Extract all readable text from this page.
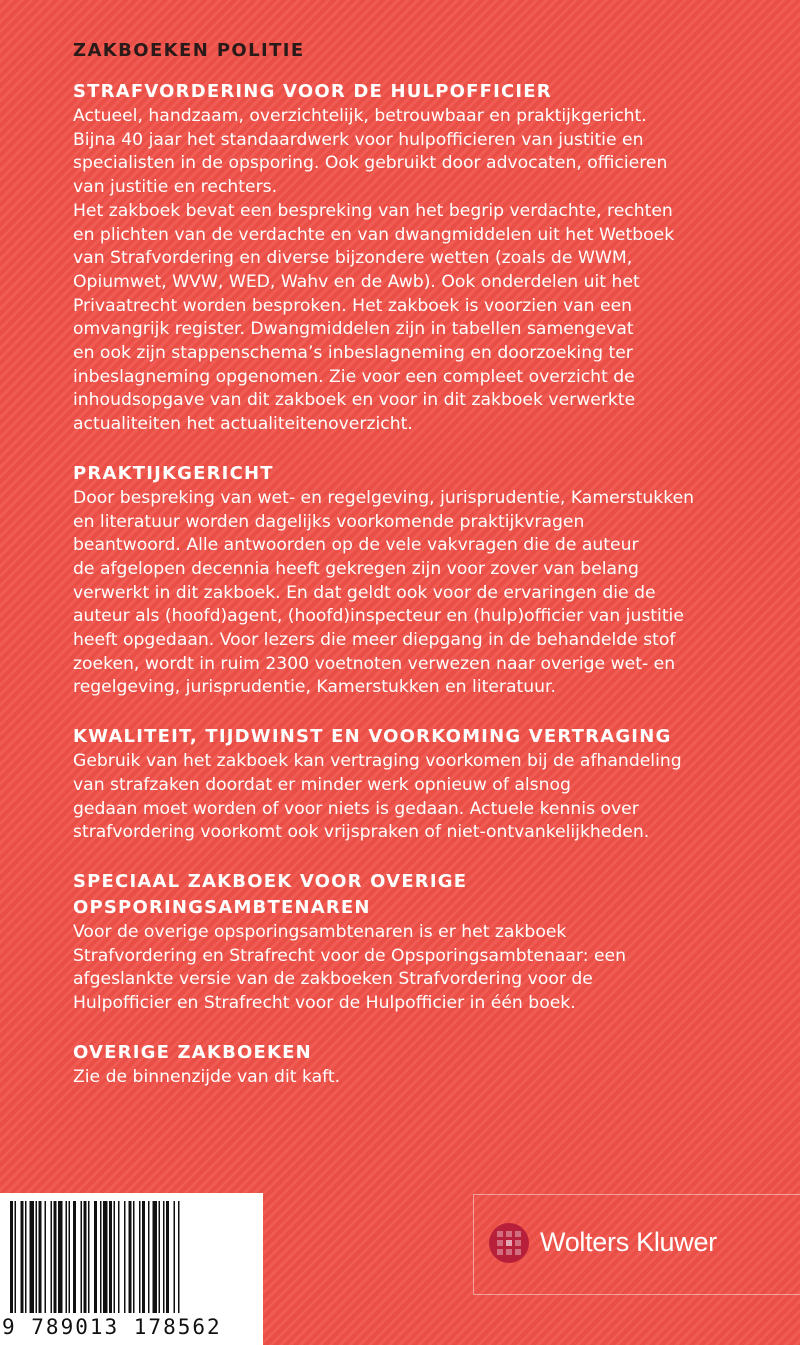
ZAKBOEKEN POLITIE
STRAFVORDERING VOOR DE HULPOFFICIER

Actueel, handzaam, overzichtelijk, betrouwbaar en praktijkgericht.
Bijna 40 jaar het standaardwerk voor hulpofficieren van justitie en
specialisten in de opsporing. Ook gebruikt door advocaten, officieren
van justitie en rechters.
Het zakboek bevat een bespreking van het begrip verdachte, rechten
en plichten van de verdachte en van dwangmiddelen uit het Wetboek
van Strafvordering en diverse bijzondere wetten (zoals de WWM,
Opiumwet, WVW, WED, Wahv en de Awb). Ook onderdelen uit het
Privaatrecht worden besproken. Het zakboek is voorzien van een
omvangrijk register. Dwangmiddelen zijn in tabellen samengevat
en ook zijn stappenschema’s inbeslagneming en doorzoeking ter
inbeslagneming opgenomen. Zie voor een compleet overzicht de
inhoudsopgave van dit zakboek en voor in dit zakboek verwerkte
actualiteiten het actualiteitenoverzicht.

PRAKTIJKGERICHT

Door bespreking van wet- en regelgeving, jurisprudentie, Kamerstukken
en literatuur worden dagelijks voorkomende praktijkvragen
beantwoord. Alle antwoorden op de vele vakvragen die de auteur
de afgelopen decennia heeft gekregen zijn voor zover van belang
verwerkt in dit zakboek. En dat geldt ook voor de ervaringen die de
auteur als (hoofd)agent, (hoofd)inspecteur en (hulp)officier van justitie
heeft opgedaan. Voor lezers die meer diepgang in de behandelde stof
zoeken, wordt in ruim 2300 voetnoten verwezen naar overige wet- en
regelgeving, jurisprudentie, Kamerstukken en literatuur.

KWALITEIT, TIJDWINST EN VOORKOMING VERTRAGING

Gebruik van het zakboek kan vertraging voorkomen bij de afhandeling
van strafzaken doordat er minder werk opnieuw of alsnog
gedaan moet worden of voor niets is gedaan. Actuele kennis over
strafvordering voorkomt ook vrijspraken of niet-ontvankelijkheden.

SPECIAAL ZAKBOEK VOOR OVERIGE OPSPORINGSAMBTENAREN

Voor de overige opsporingsambtenaren is er het zakboek
Strafvordering en Strafrecht voor de Opsporingsambtenaar: een
afgeslankte versie van de zakboeken Strafvordering voor de
Hulpofficier en Strafrecht voor de Hulpofficier in één boek.

OVERIGE ZAKBOEKEN

Zie de binnenzijde van dit kaft.

9 789013 178562
Wolters Kluwer
